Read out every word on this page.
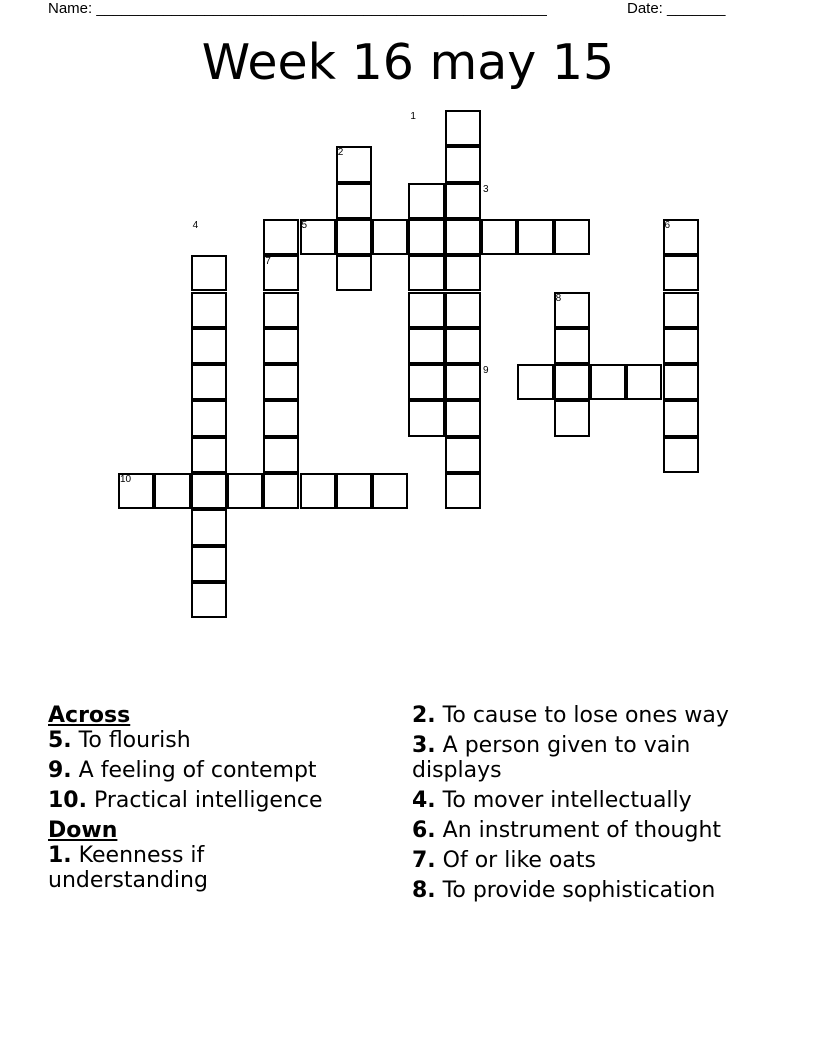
Name: ______________________________________________________	Date: _______
Week 16 may 15
1
2
3
4	5	6
7
8
9
10
Across
5. To flourish
9. A feeling of contempt
10. Practical intelligence
Down
1. Keenness if understanding
2. To cause to lose ones way
3. A person given to vain displays
4. To mover intellectually
6. An instrument of thought
7. Of or like oats
8. To provide sophistication
